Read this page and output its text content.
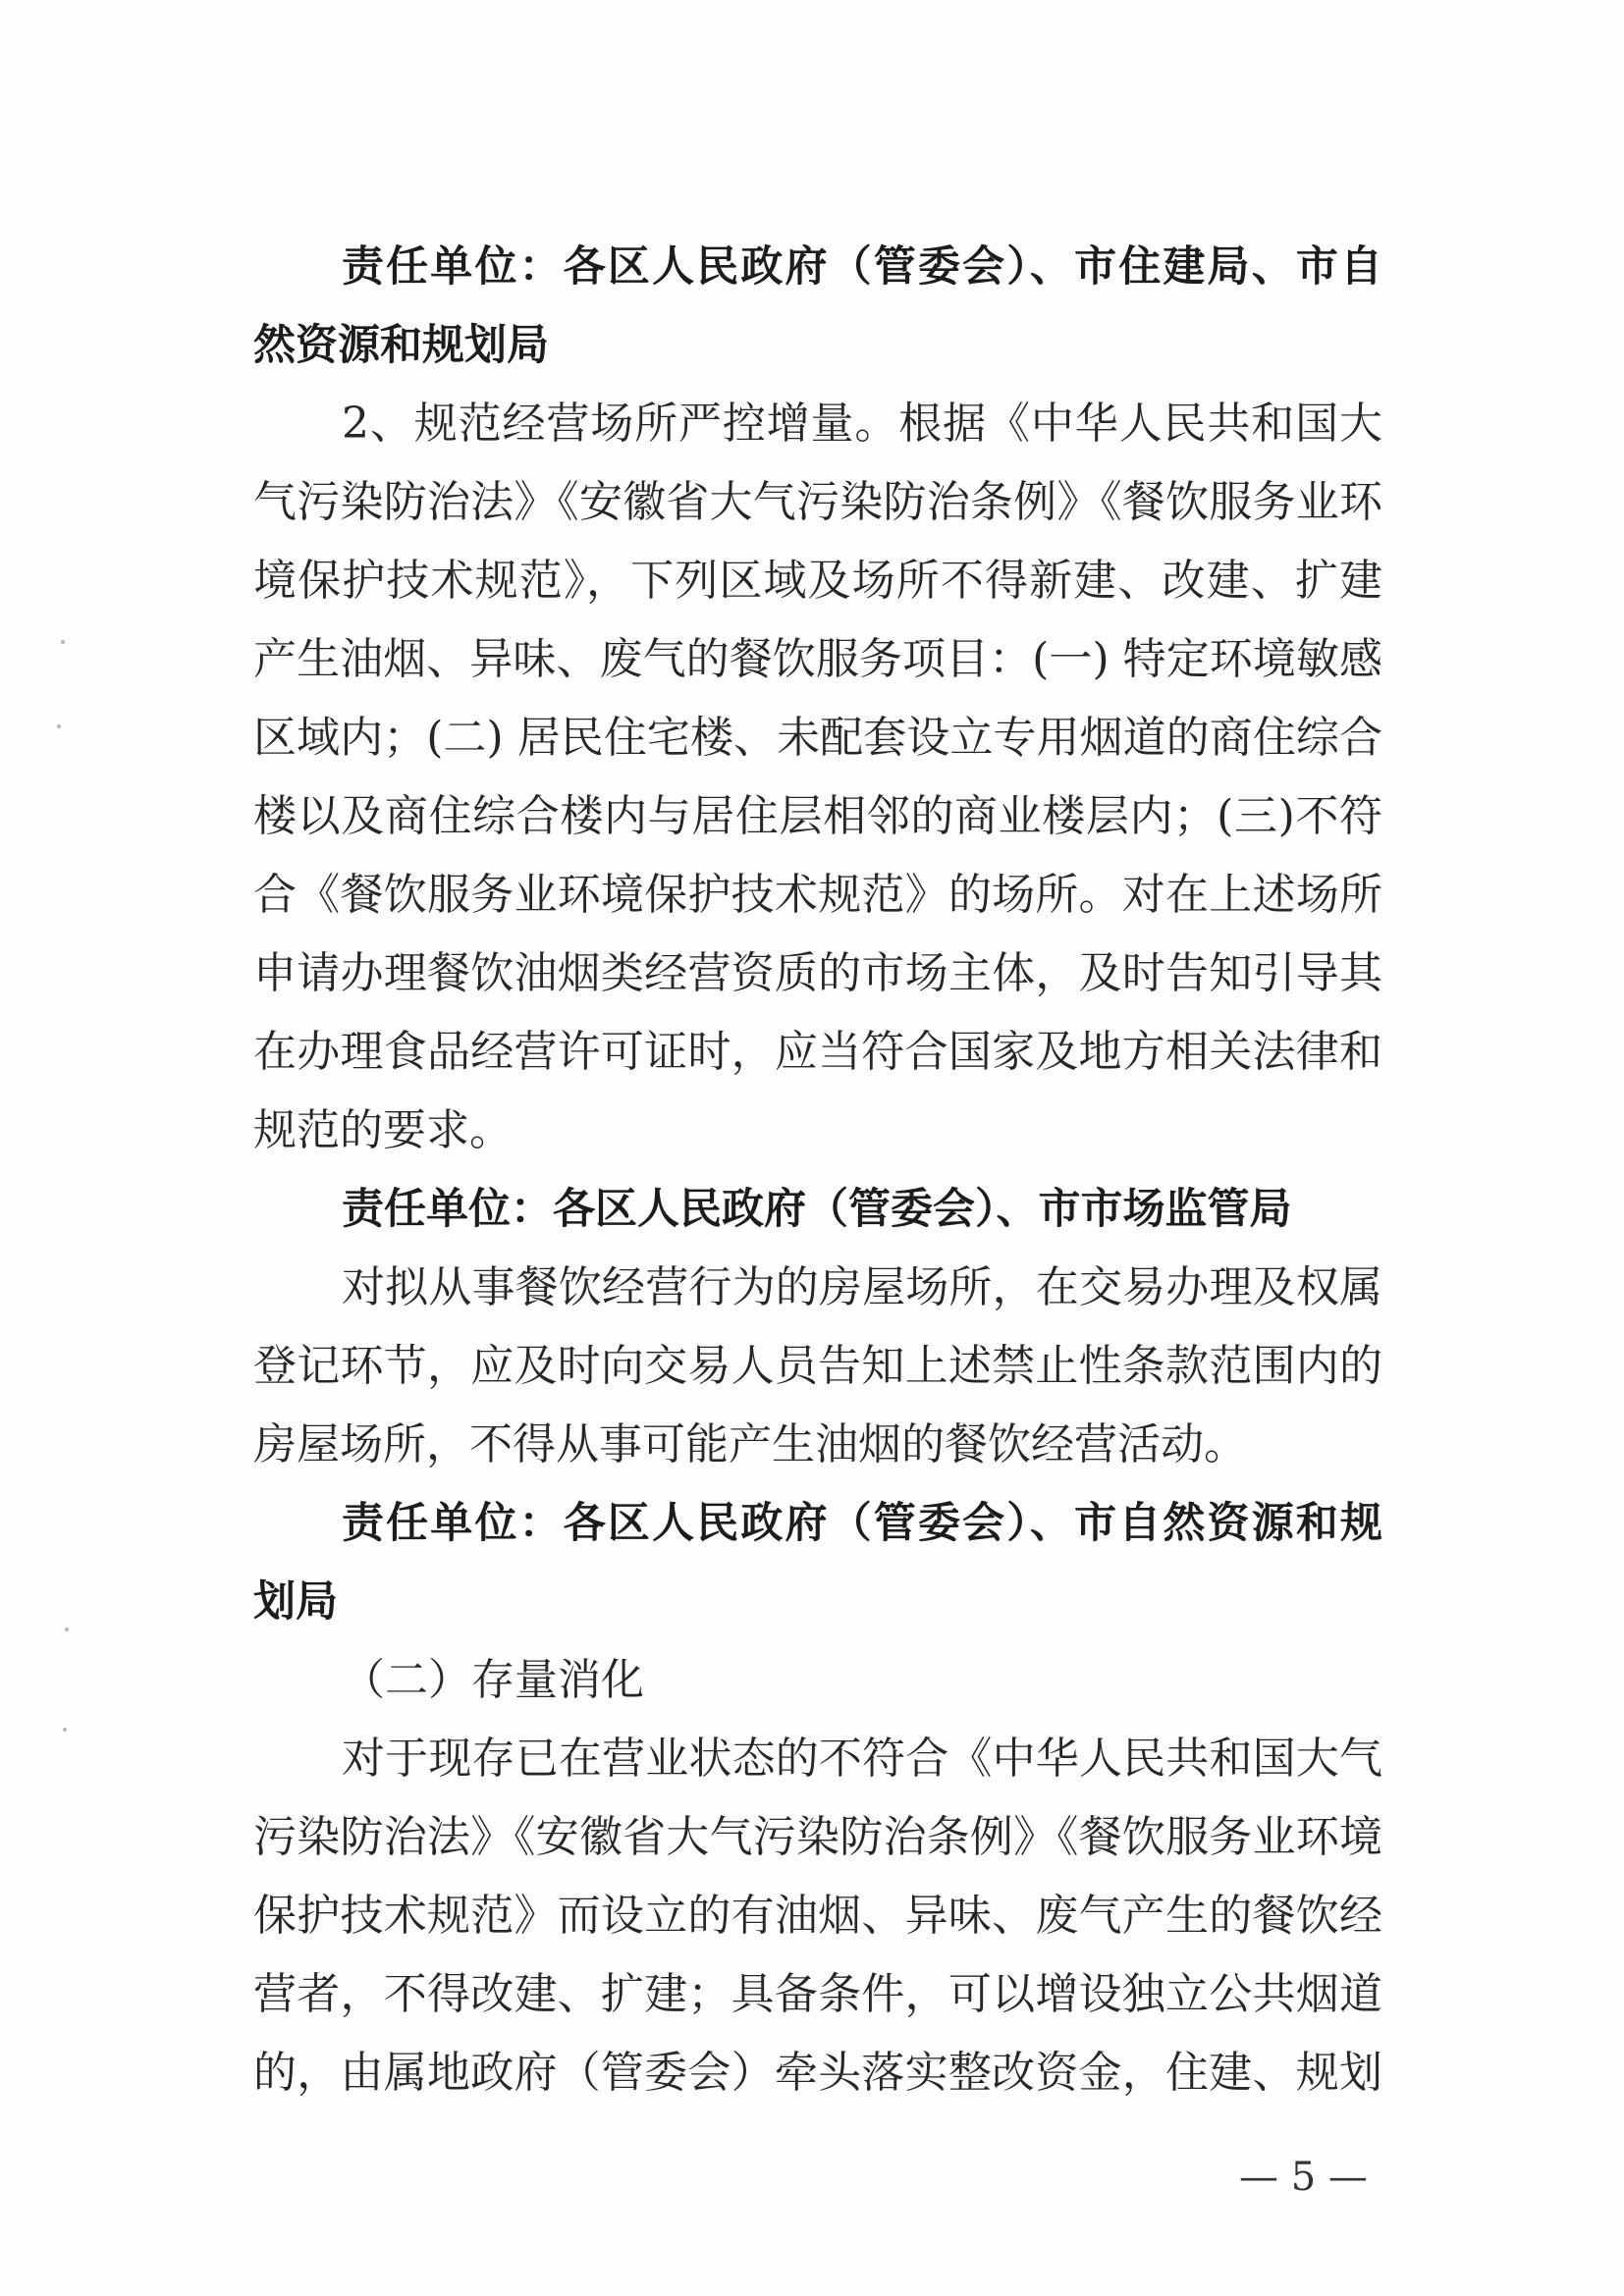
责任单位：各区人民政府（管委会）、市住建局、市自
然资源和规划局
2、规范经营场所严控增量。根据《中华人民共和国大
气污染防治法》《安徽省大气污染防治条例》《餐饮服务业环
境保护技术规范》，下列区域及场所不得新建、改建、扩建
产生油烟、异味、废气的餐饮服务项目：(一) 特定环境敏感
区域内；(二) 居民住宅楼、未配套设立专用烟道的商住综合
楼以及商住综合楼内与居住层相邻的商业楼层内；(三)不符
合《餐饮服务业环境保护技术规范》的场所。对在上述场所
申请办理餐饮油烟类经营资质的市场主体，及时告知引导其
在办理食品经营许可证时，应当符合国家及地方相关法律和
规范的要求。
责任单位：各区人民政府（管委会）、市市场监管局
对拟从事餐饮经营行为的房屋场所，在交易办理及权属
登记环节，应及时向交易人员告知上述禁止性条款范围内的
房屋场所，不得从事可能产生油烟的餐饮经营活动。
责任单位：各区人民政府（管委会）、市自然资源和规
划局
（二）存量消化
对于现存已在营业状态的不符合《中华人民共和国大气
污染防治法》《安徽省大气污染防治条例》《餐饮服务业环境
保护技术规范》而设立的有油烟、异味、废气产生的餐饮经
营者，不得改建、扩建；具备条件，可以增设独立公共烟道
的，由属地政府（管委会）牵头落实整改资金，住建、规划
— 5 —
